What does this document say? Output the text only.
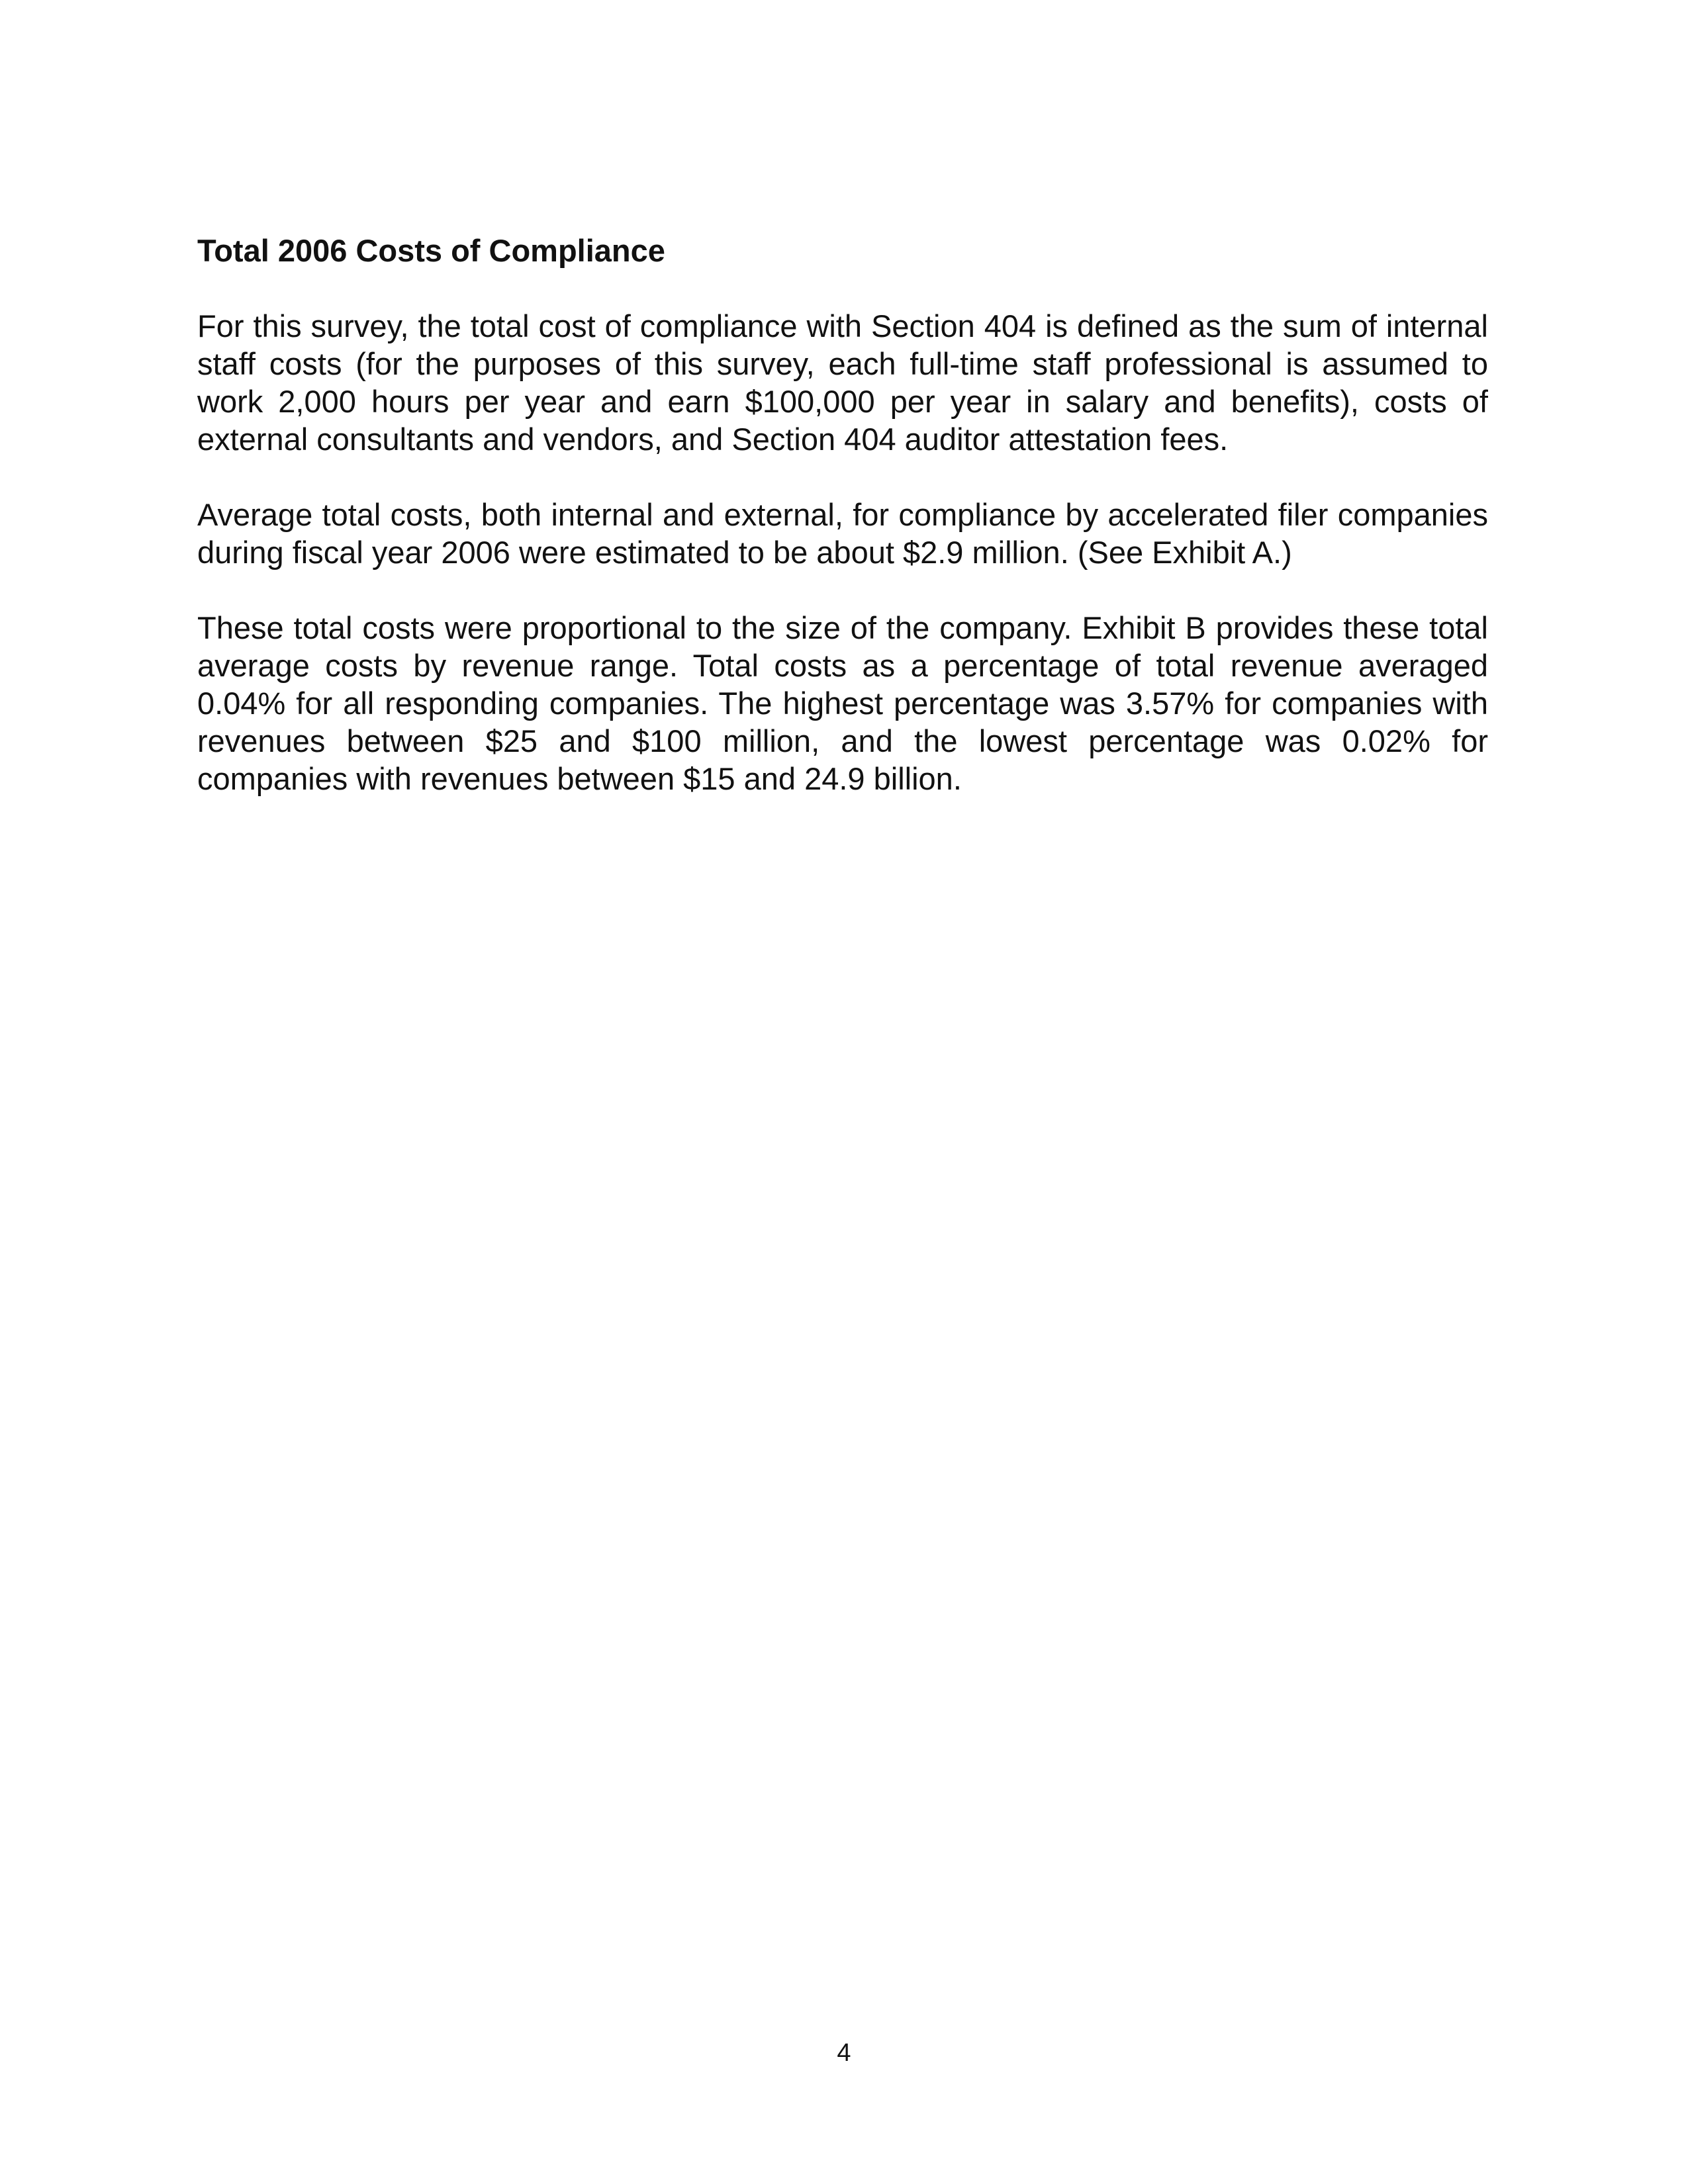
Total 2006 Costs of Compliance

For this survey, the total cost of compliance with Section 404 is defined as the sum of internal staff costs (for the purposes of this survey, each full-time staff professional is assumed to work 2,000 hours per year and earn $100,000 per year in salary and benefits), costs of external consultants and vendors, and Section 404 auditor attestation fees.

Average total costs, both internal and external, for compliance by accelerated filer companies during fiscal year 2006 were estimated to be about $2.9 million. (See Exhibit A.)

These total costs were proportional to the size of the company. Exhibit B provides these total average costs by revenue range. Total costs as a percentage of total revenue averaged 0.04% for all responding companies. The highest percentage was 3.57% for companies with revenues between $25 and $100 million, and the lowest percentage was 0.02% for companies with revenues between $15 and 24.9 billion.

4
